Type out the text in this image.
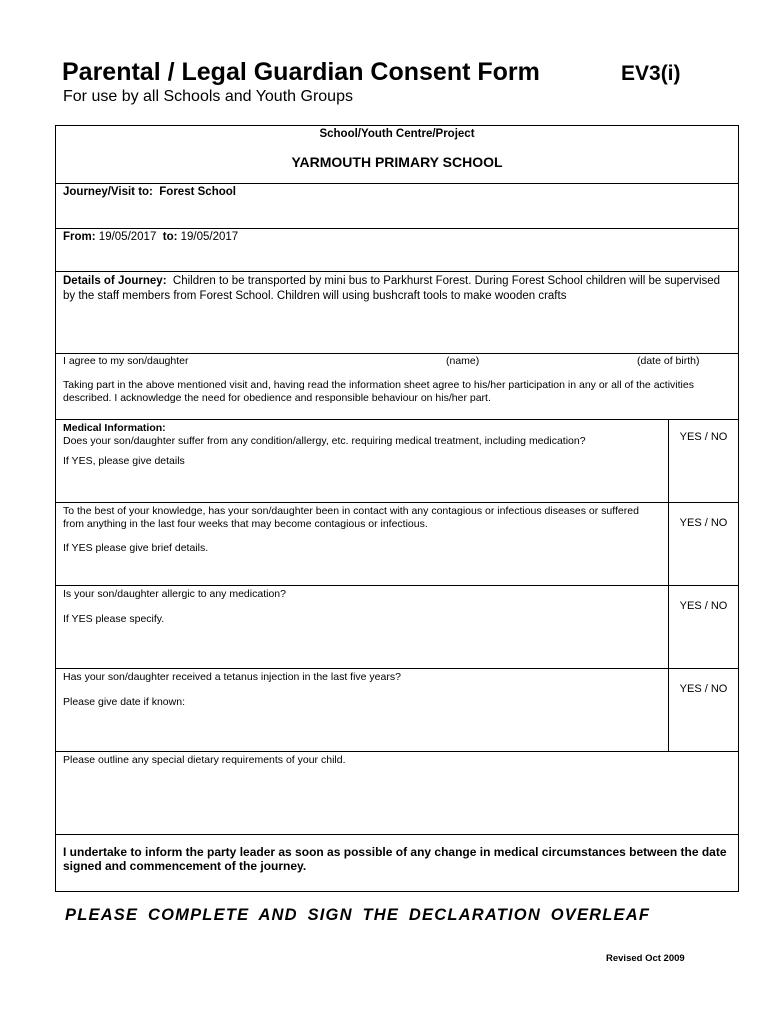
Parental / Legal Guardian Consent Form	EV3(i)
For use by all Schools and Youth Groups
School/Youth Centre/Project
YARMOUTH PRIMARY SCHOOL
Journey/Visit to: Forest School
From: 19/05/2017 to: 19/05/2017
Details of Journey: Children to be transported by mini bus to Parkhurst Forest. During Forest School children will be supervised by the staff members from Forest School. Children will using bushcraft tools to make wooden crafts
I agree to my son/daughter	(name)	(date of birth)
Taking part in the above mentioned visit and, having read the information sheet agree to his/her participation in any or all of the activities described. I acknowledge the need for obedience and responsible behaviour on his/her part.
Medical Information:
Does your son/daughter suffer from any condition/allergy, etc. requiring medical treatment, including medication?
If YES, please give details
YES / NO
To the best of your knowledge, has your son/daughter been in contact with any contagious or infectious diseases or suffered from anything in the last four weeks that may become contagious or infectious.
If YES please give brief details.
YES / NO
Is your son/daughter allergic to any medication?
If YES please specify.
YES / NO
Has your son/daughter received a tetanus injection in the last five years?
Please give date if known:
YES / NO
Please outline any special dietary requirements of your child.
I undertake to inform the party leader as soon as possible of any change in medical circumstances between the date signed and commencement of the journey.
PLEASE COMPLETE AND SIGN THE DECLARATION OVERLEAF
Revised Oct 2009
